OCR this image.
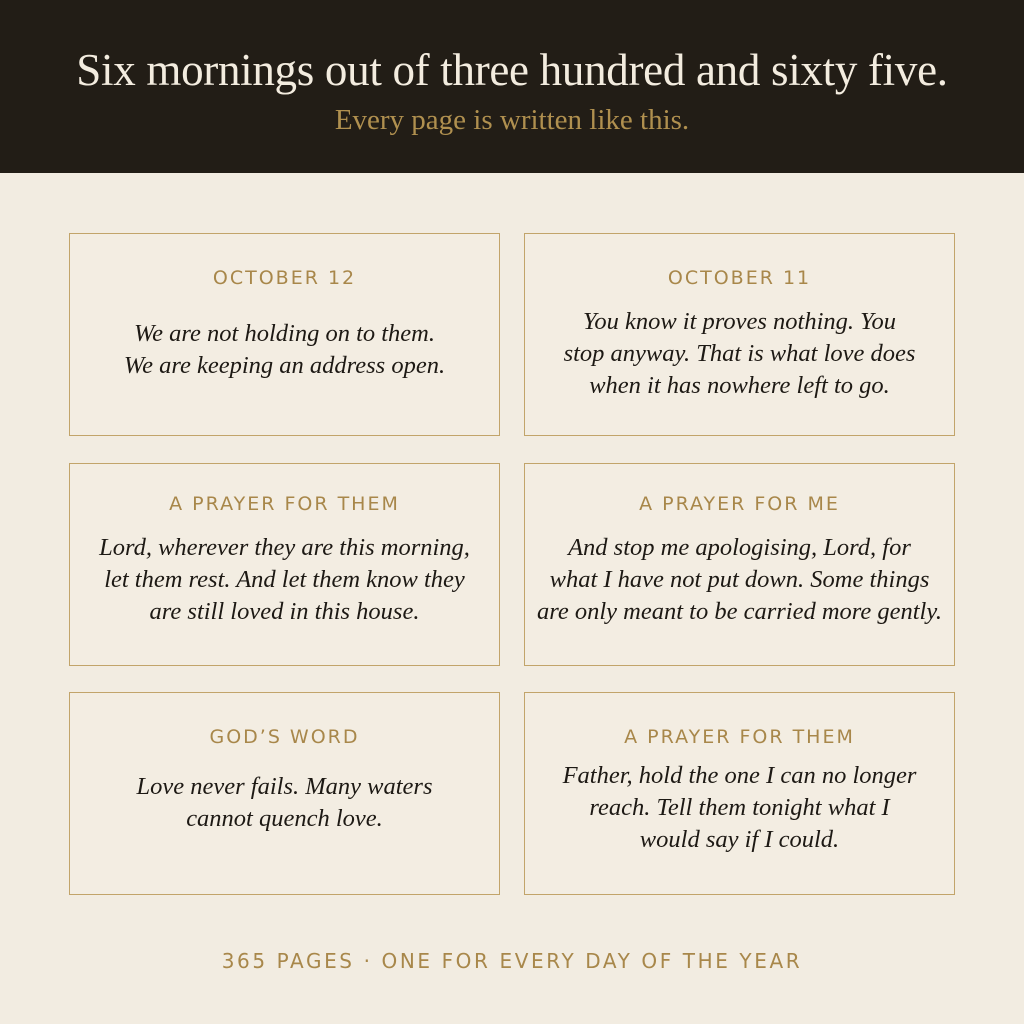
Six mornings out of three hundred and sixty five.
Every page is written like this.
OCTOBER 12
We are not holding on to them.
We are keeping an address open.
OCTOBER 11
You know it proves nothing. You
stop anyway. That is what love does
when it has nowhere left to go.
A PRAYER FOR THEM
Lord, wherever they are this morning,
let them rest. And let them know they
are still loved in this house.
A PRAYER FOR ME
And stop me apologising, Lord, for
what I have not put down. Some things
are only meant to be carried more gently.
GOD’S WORD
Love never fails. Many waters
cannot quench love.
A PRAYER FOR THEM
Father, hold the one I can no longer
reach. Tell them tonight what I
would say if I could.
365 PAGES · ONE FOR EVERY DAY OF THE YEAR
